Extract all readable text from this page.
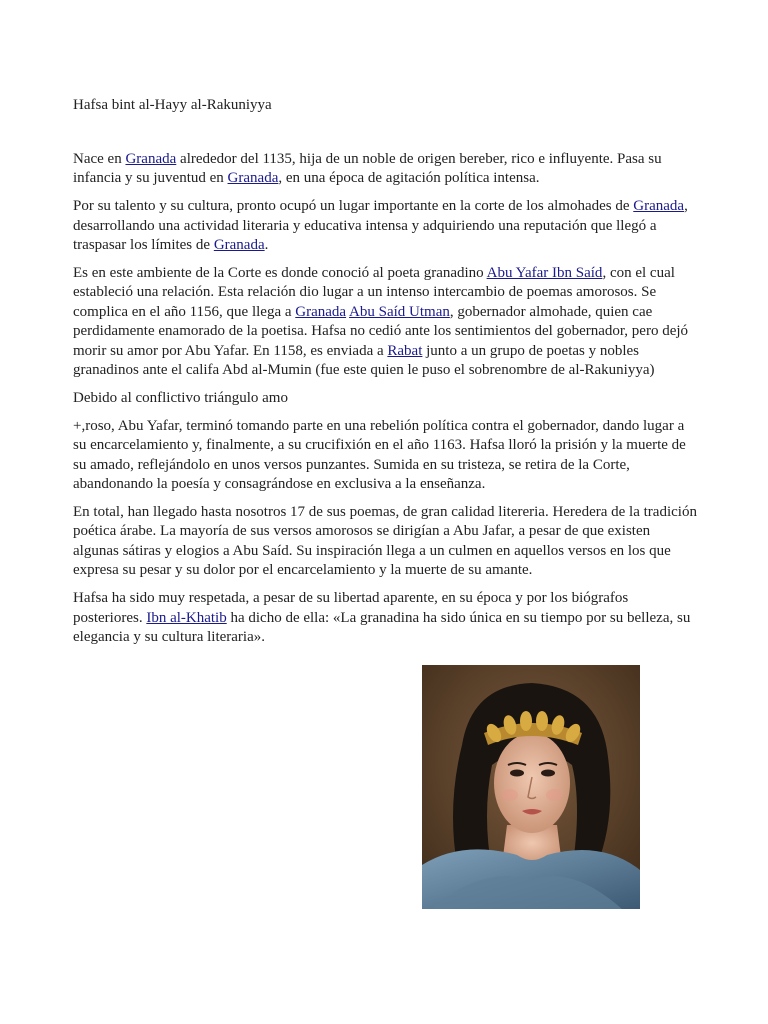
Hafsa bint al-Hayy al-Rakuniyya

Nace en Granada alrededor del 1135, hija de un noble de origen bereber, rico e influyente. Pasa su infancia y su juventud en Granada, en una época de agitación política intensa.

Por su talento y su cultura, pronto ocupó un lugar importante en la corte de los almohades de Granada, desarrollando una actividad literaria y educativa intensa y adquiriendo una reputación que llegó a traspasar los límites de Granada.

Es en este ambiente de la Corte es donde conoció al poeta granadino Abu Yafar Ibn Saíd, con el cual estableció una relación. Esta relación dio lugar a un intenso intercambio de poemas amorosos. Se complica en el año 1156, que llega a Granada Abu Saíd Utman, gobernador almohade, quien cae perdidamente enamorado de la poetisa. Hafsa no cedió ante los sentimientos del gobernador, pero dejó morir su amor por Abu Yafar. En 1158, es enviada a Rabat junto a un grupo de poetas y nobles granadinos ante el califa Abd al-Mumin (fue este quien le puso el sobrenombre de al-Rakuniyya)

Debido al conflictivo triángulo amo

+,roso, Abu Yafar, terminó tomando parte en una rebelión política contra el gobernador, dando lugar a su encarcelamiento y, finalmente, a su crucifixión en el año 1163. Hafsa lloró la prisión y la muerte de su amado, reflejándolo en unos versos punzantes. Sumida en su tristeza, se retira de la Corte, abandonando la poesía y consagrándose en exclusiva a la enseñanza.

En total, han llegado hasta nosotros 17 de sus poemas, de gran calidad litereria. Heredera de la tradición poética árabe. La mayoría de sus versos amorosos se dirigían a Abu Jafar, a pesar de que existen algunas sátiras y elogios a Abu Saíd. Su inspiración llega a un culmen en aquellos versos en los que expresa su pesar y su dolor por el encarcelamiento y la muerte de su amante.

Hafsa ha sido muy respetada, a pesar de su libertad aparente, en su época y por los biógrafos posteriores. Ibn al-Khatib ha dicho de ella: «La granadina ha sido única en su tiempo por su belleza, su elegancia y su cultura literaria».
